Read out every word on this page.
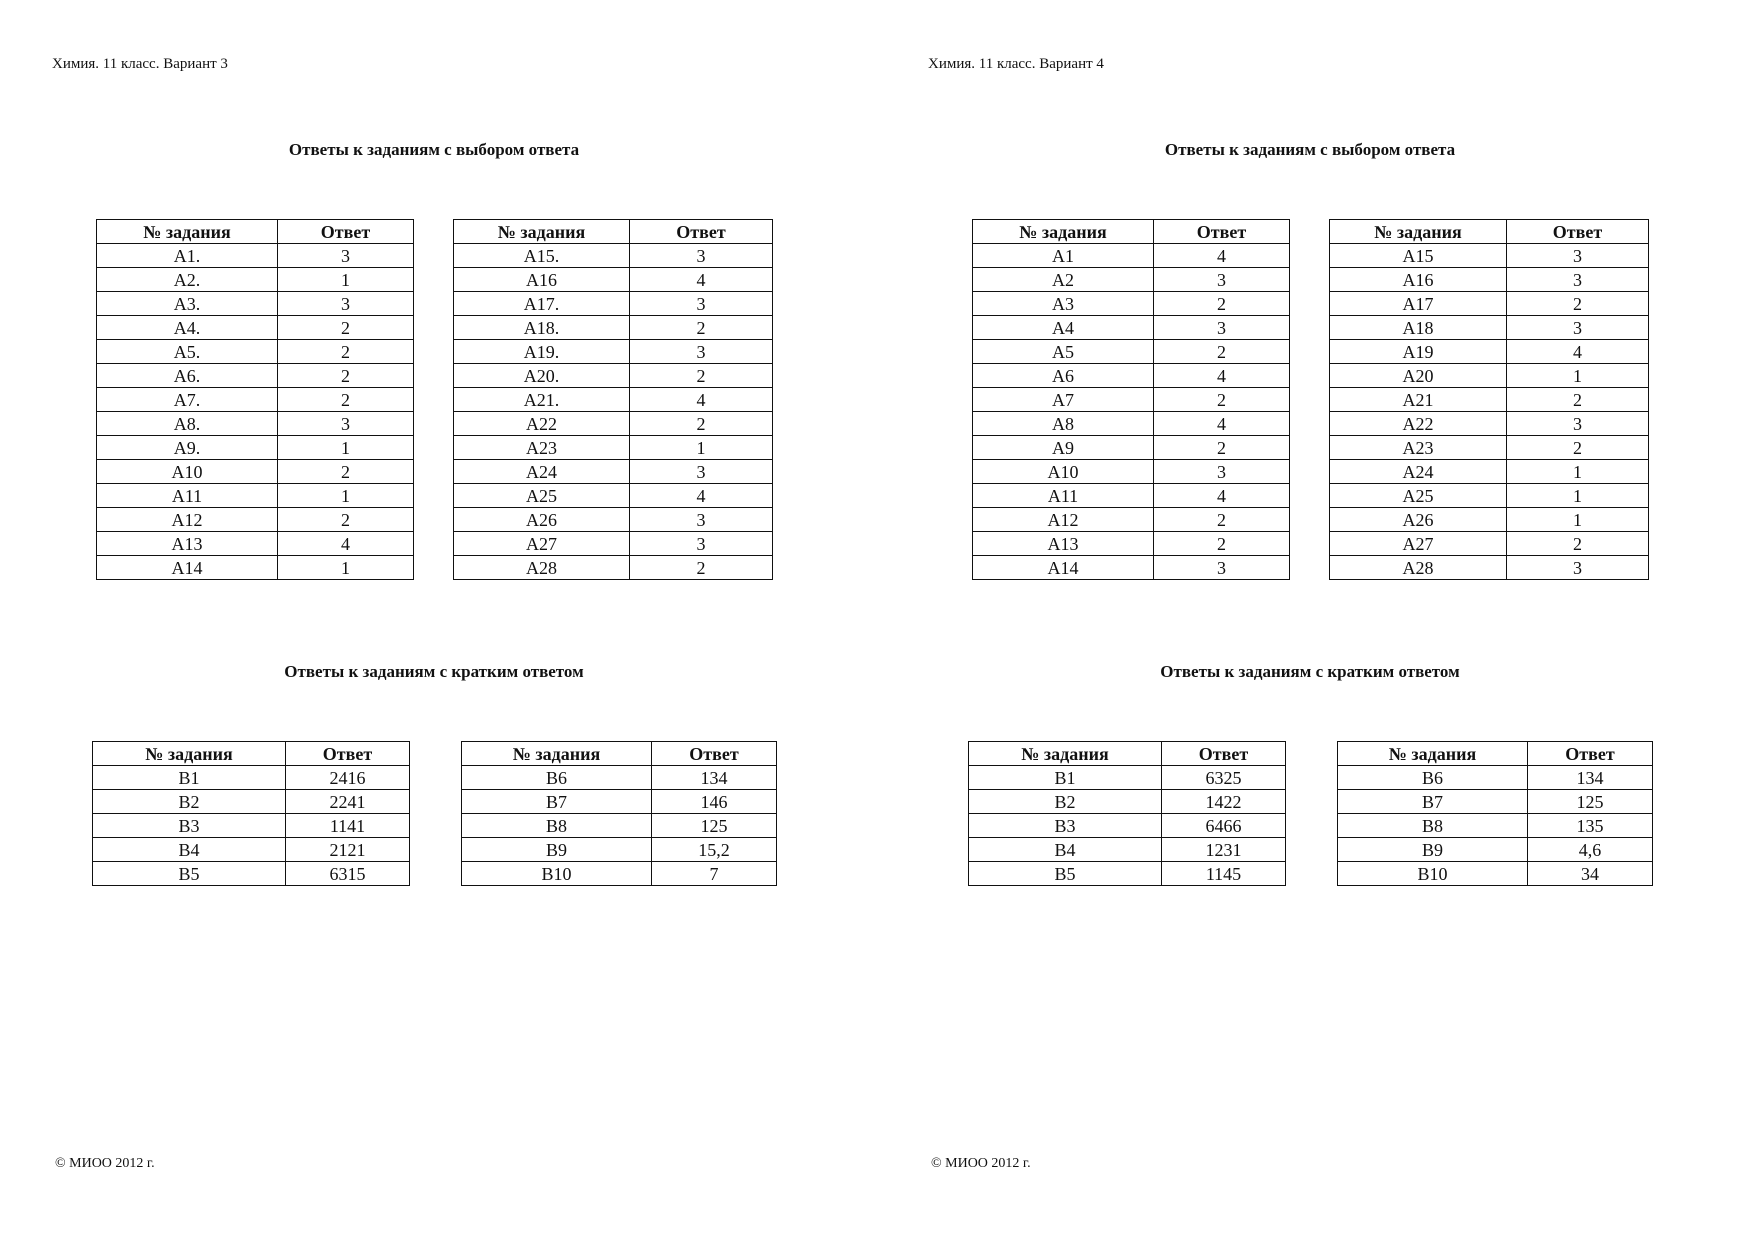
Химия. 11 класс. Вариант 3
Ответы к заданиям с выбором ответа
№ задания	Ответ
А1.	3
А2.	1
А3.	3
А4.	2
А5.	2
А6.	2
А7.	2
А8.	3
А9.	1
А10	2
А11	1
А12	2
А13	4
А14	1
№ задания	Ответ
А15.	3
А16	4
А17.	3
А18.	2
А19.	3
А20.	2
А21.	4
А22	2
А23	1
А24	3
А25	4
А26	3
А27	3
А28	2
Ответы к заданиям с кратким ответом
№ задания	Ответ
В1	2416
В2	2241
В3	1141
В4	2121
В5	6315
№ задания	Ответ
В6	134
В7	146
В8	125
В9	15,2
В10	7
© МИОО 2012 г.
Химия. 11 класс. Вариант 4
Ответы к заданиям с выбором ответа
№ задания	Ответ
А1	4
А2	3
А3	2
А4	3
А5	2
А6	4
А7	2
А8	4
А9	2
А10	3
А11	4
А12	2
А13	2
А14	3
№ задания	Ответ
А15	3
А16	3
А17	2
А18	3
А19	4
А20	1
А21	2
А22	3
А23	2
А24	1
А25	1
А26	1
А27	2
А28	3
Ответы к заданиям с кратким ответом
№ задания	Ответ
В1	6325
В2	1422
В3	6466
В4	1231
В5	1145
№ задания	Ответ
В6	134
В7	125
В8	135
В9	4,6
В10	34
© МИОО 2012 г.
